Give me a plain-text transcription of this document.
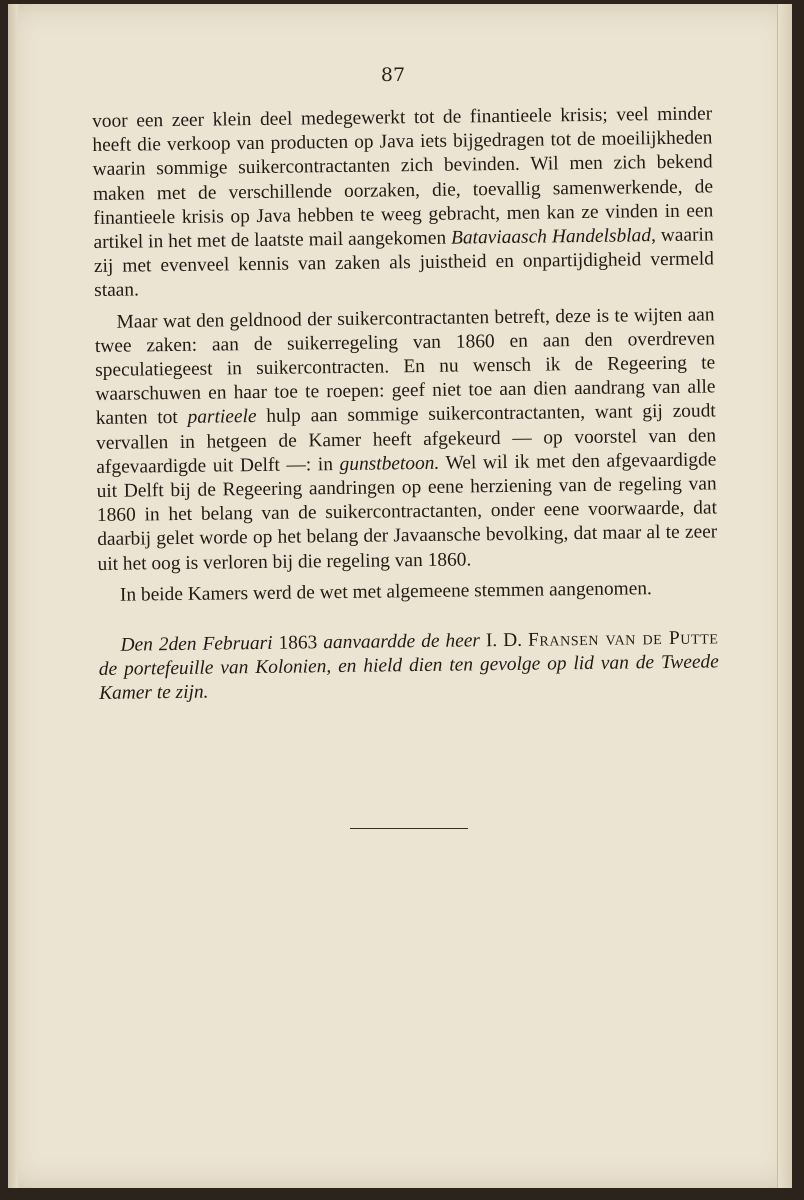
87

voor een zeer klein deel medegewerkt tot de finantieele krisis; veel minder heeft die verkoop van producten op Java iets bijgedragen tot de moeilijkheden waarin sommige suikercontractanten zich bevinden. Wil men zich bekend maken met de verschillende oorzaken, die, toevallig samenwerkende, de finantieele krisis op Java hebben te weeg gebracht, men kan ze vinden in een artikel in het met de laatste mail aangekomen Bataviaasch Handelsblad, waarin zij met evenveel kennis van zaken als juistheid en onpartijdigheid vermeld staan.

Maar wat den geldnood der suikercontractanten betreft, deze is te wijten aan twee zaken: aan de suikerregeling van 1860 en aan den overdreven speculatiegeest in suikercontracten. En nu wensch ik de Regeering te waarschuwen en haar toe te roepen: geef niet toe aan dien aandrang van alle kanten tot partieele hulp aan sommige suikercontractanten, want gij zoudt vervallen in hetgeen de Kamer heeft afgekeurd — op voorstel van den afgevaardigde uit Delft —: in gunstbetoon. Wel wil ik met den afgevaardigde uit Delft bij de Regeering aandringen op eene herziening van de regeling van 1860 in het belang van de suikercontractanten, onder eene voorwaarde, dat daarbij gelet worde op het belang der Javaansche bevolking, dat maar al te zeer uit het oog is verloren bij die regeling van 1860.

In beide Kamers werd de wet met algemeene stemmen aangenomen.

Den 2den Februari 1863 aanvaardde de heer I. D. Fransen van de Putte de portefeuille van Kolonien, en hield dien ten gevolge op lid van de Tweede Kamer te zijn.
